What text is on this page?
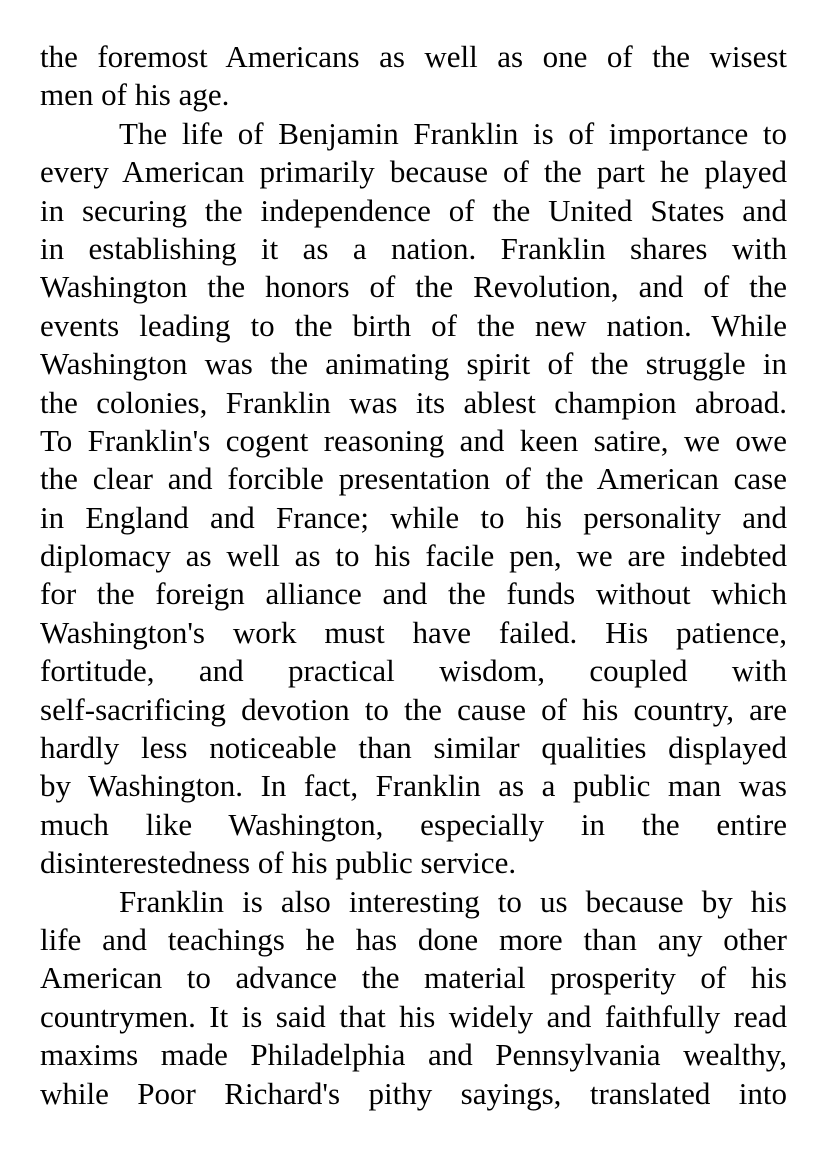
the foremost Americans as well as one of the wisest
men of his age.
The life of Benjamin Franklin is of importance to
every American primarily because of the part he played
in securing the independence of the United States and
in establishing it as a nation. Franklin shares with
Washington the honors of the Revolution, and of the
events leading to the birth of the new nation. While
Washington was the animating spirit of the struggle in
the colonies, Franklin was its ablest champion abroad.
To Franklin's cogent reasoning and keen satire, we owe
the clear and forcible presentation of the American case
in England and France; while to his personality and
diplomacy as well as to his facile pen, we are indebted
for the foreign alliance and the funds without which
Washington's work must have failed. His patience,
fortitude, and practical wisdom, coupled with
self-sacrificing devotion to the cause of his country, are
hardly less noticeable than similar qualities displayed
by Washington. In fact, Franklin as a public man was
much like Washington, especially in the entire
disinterestedness of his public service.
Franklin is also interesting to us because by his
life and teachings he has done more than any other
American to advance the material prosperity of his
countrymen. It is said that his widely and faithfully read
maxims made Philadelphia and Pennsylvania wealthy,
while Poor Richard's pithy sayings, translated into
